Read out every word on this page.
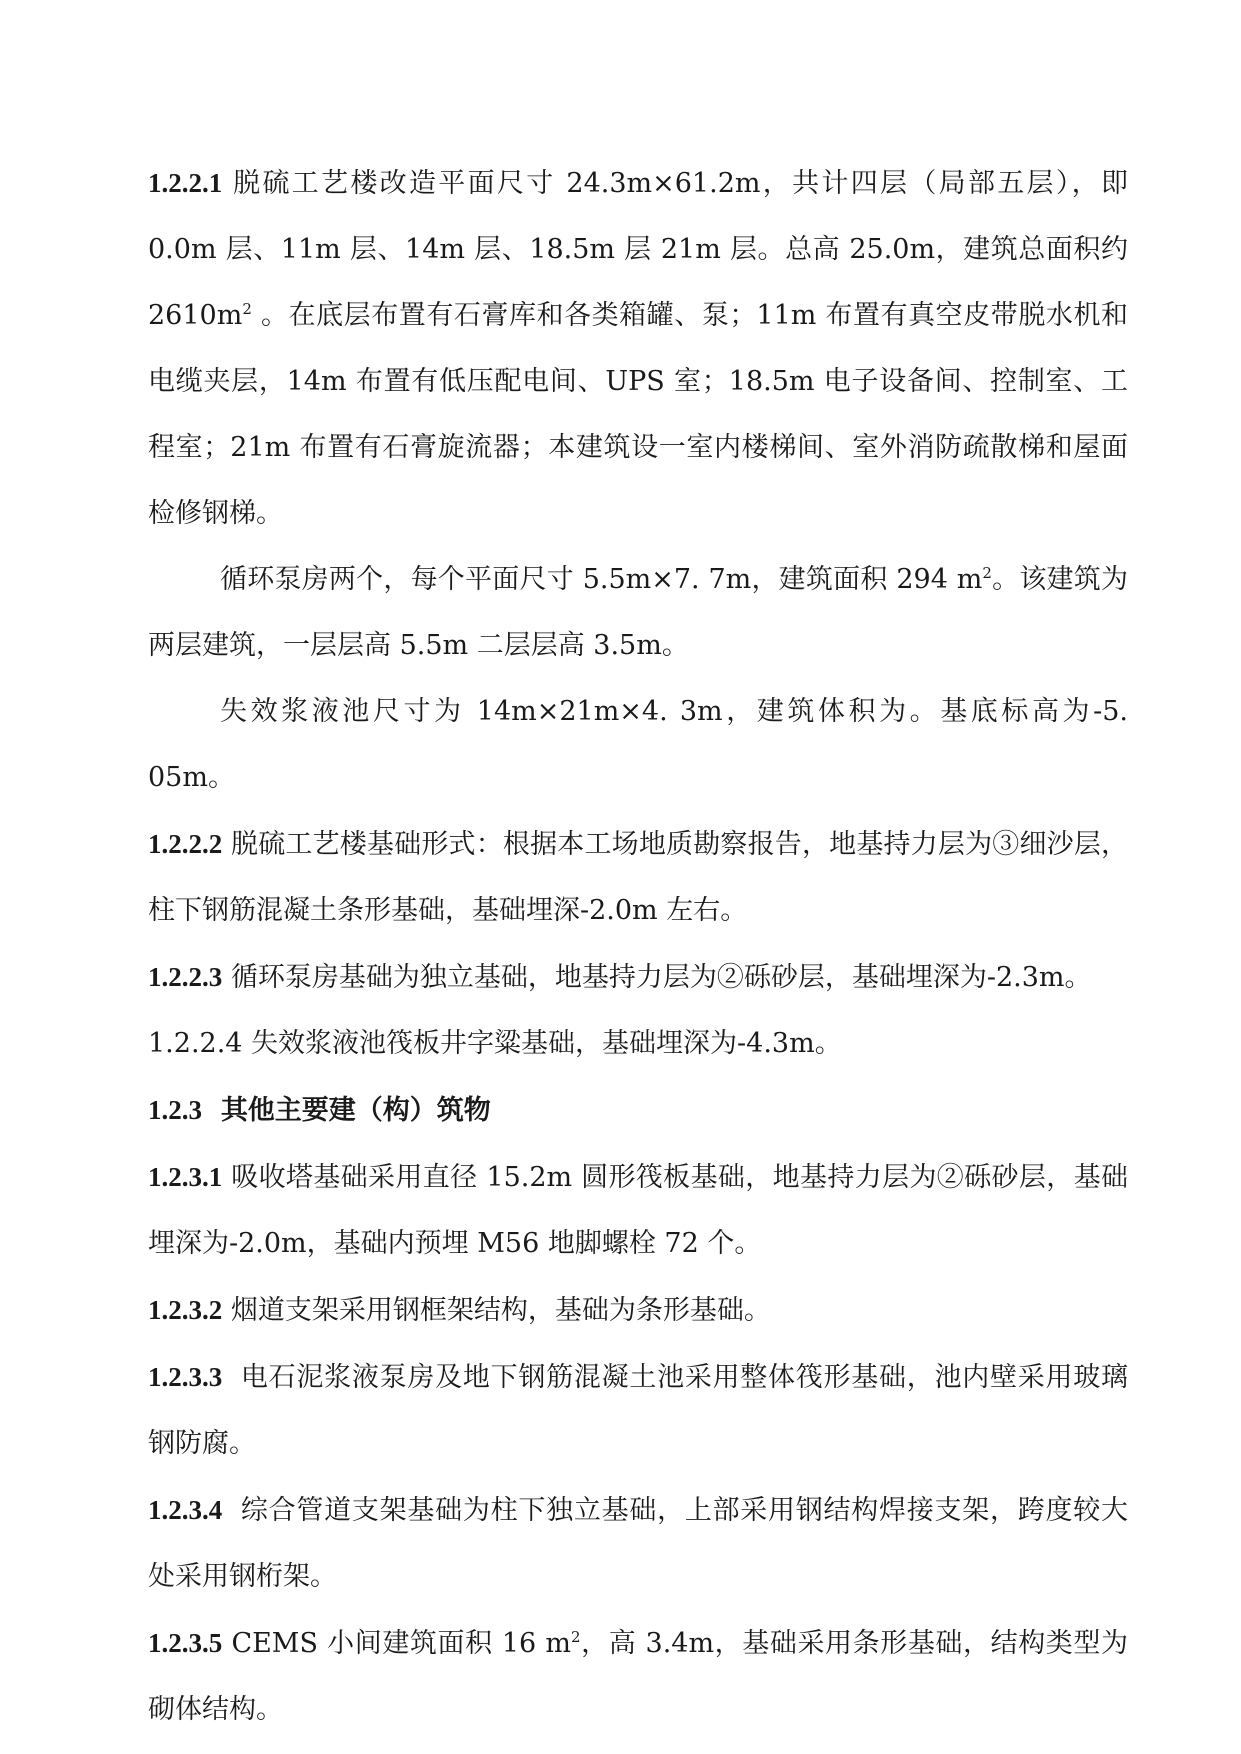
1.2.2.1 脱硫工艺楼改造平面尺寸 24.3m×61.2m，共计四层（局部五层），即0.0m 层、11m 层、14m 层、18.5m 层 21m 层。总高 25.0m，建筑总面积约 $2610m^2$ 。在底层布置有石膏库和各类箱罐、泵；11m 布置有真空皮带脱水机和电缆夹层，14m 布置有低压配电间、UPS 室；18.5m 电子设备间、控制室、工程室；21m 布置有石膏旋流器；本建筑设一室内楼梯间、室外消防疏散梯和屋面检修钢梯。

循环泵房两个，每个平面尺寸 5.5m×7. 7m，建筑面积 294 $m^2$。该建筑为两层建筑，一层层高 5.5m 二层层高 3.5m。

失效浆液池尺寸为 14m×21m×4. 3m，建筑体积为。基底标高为-5. 05m。

1.2.2.2 脱硫工艺楼基础形式：根据本工场地质勘察报告，地基持力层为③细沙层，柱下钢筋混凝土条形基础，基础埋深-2.0m 左右。

1.2.2.3 循环泵房基础为独立基础，地基持力层为②砾砂层，基础埋深为-2.3m。

1.2.2.4 失效浆液池筏板井字粱基础，基础埋深为-4.3m。

1.2.3 其他主要建（构）筑物

1.2.3.1 吸收塔基础采用直径 15.2m 圆形筏板基础，地基持力层为②砾砂层，基础埋深为-2.0m，基础内预埋 M56 地脚螺栓 72 个。

1.2.3.2 烟道支架采用钢框架结构，基础为条形基础。

1.2.3.3 电石泥浆液泵房及地下钢筋混凝土池采用整体筏形基础，池内壁采用玻璃钢防腐。

1.2.3.4 综合管道支架基础为柱下独立基础，上部采用钢结构焊接支架，跨度较大处采用钢桁架。

1.2.3.5 CEMS 小间建筑面积 16 $m^2$，高 3.4m，基础采用条形基础，结构类型为砌体结构。
